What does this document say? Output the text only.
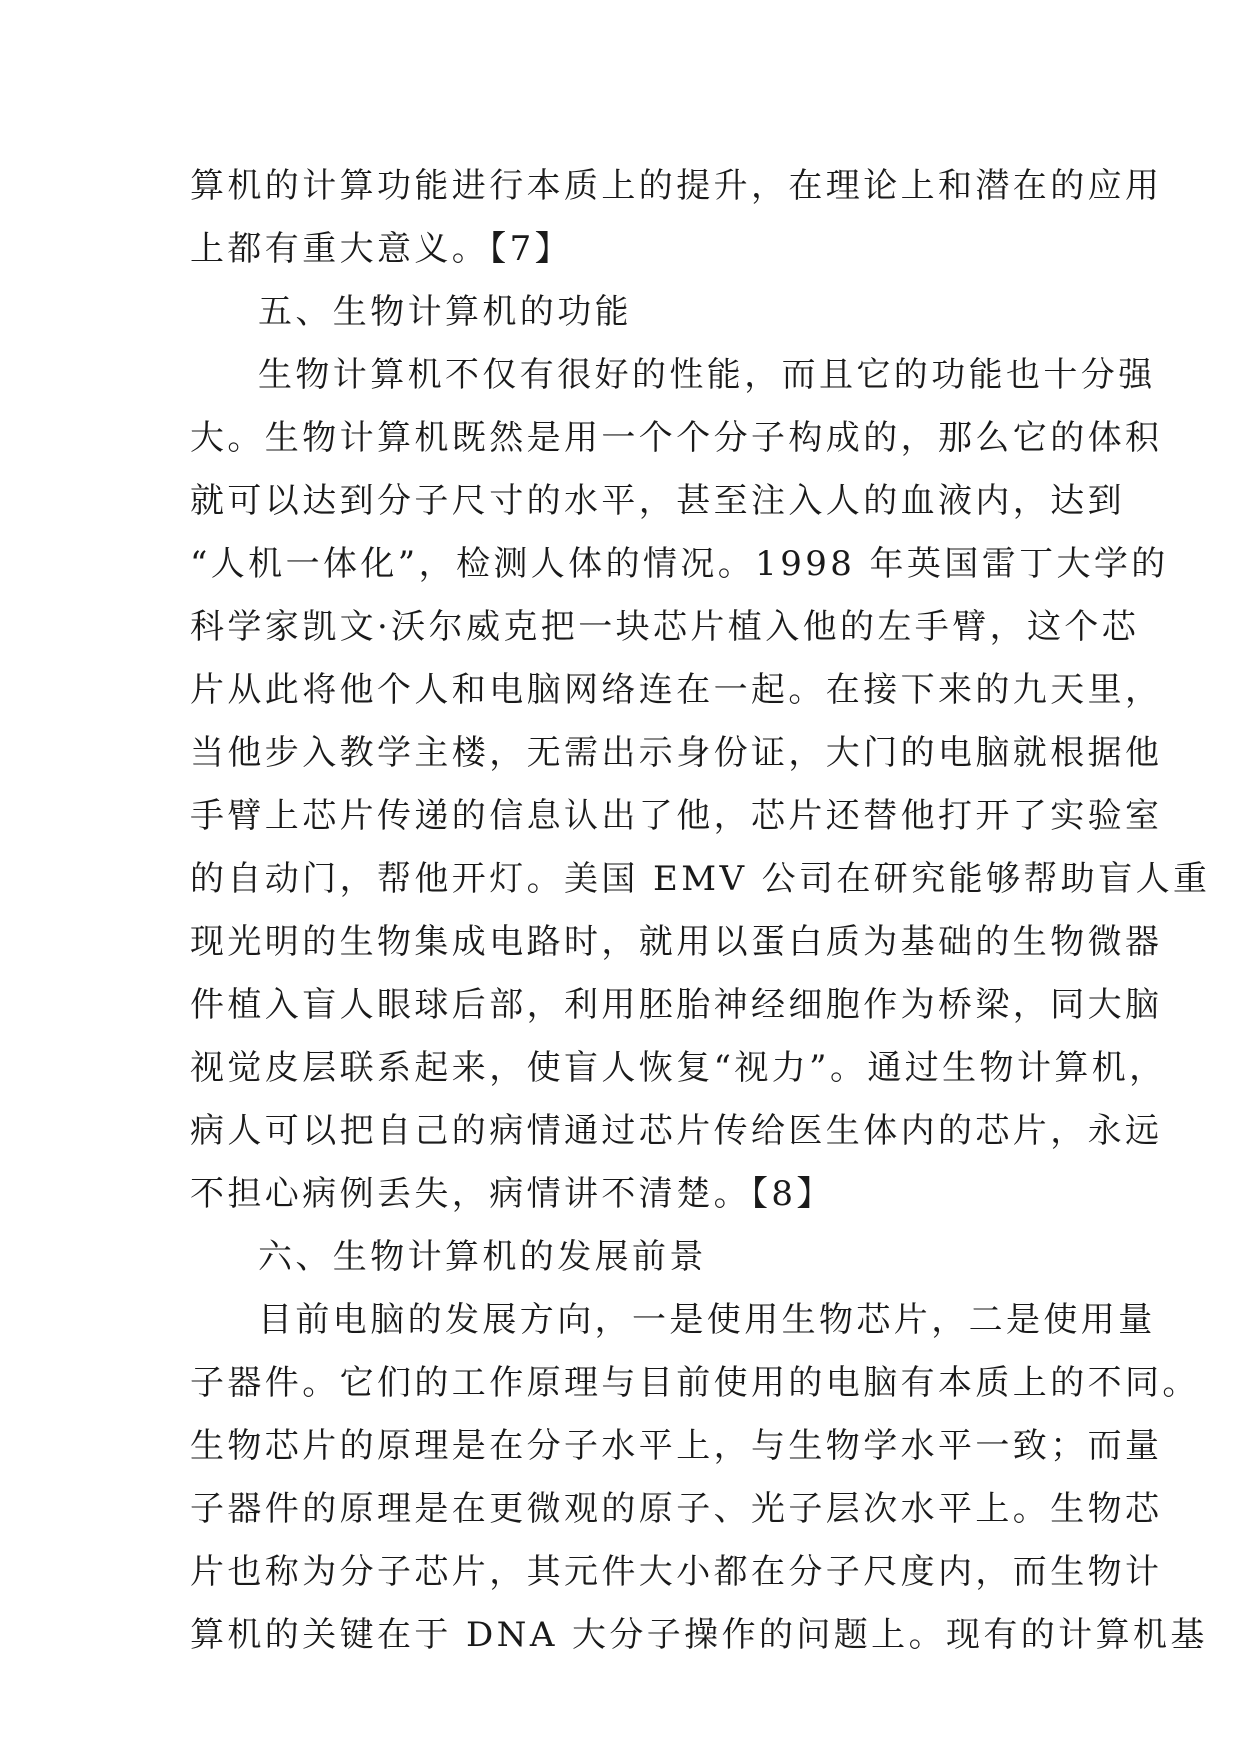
算机的计算功能进行本质上的提升，在理论上和潜在的应用
上都有重大意义。【7】
五、生物计算机的功能
生物计算机不仅有很好的性能，而且它的功能也十分强
大。生物计算机既然是用一个个分子构成的，那么它的体积
就可以达到分子尺寸的水平，甚至注入人的血液内，达到
“人机一体化”，检测人体的情况。1998 年英国雷丁大学的
科学家凯文·沃尔威克把一块芯片植入他的左手臂，这个芯
片从此将他个人和电脑网络连在一起。在接下来的九天里，
当他步入教学主楼，无需出示身份证，大门的电脑就根据他
手臂上芯片传递的信息认出了他，芯片还替他打开了实验室
的自动门，帮他开灯。美国 EMV 公司在研究能够帮助盲人重
现光明的生物集成电路时，就用以蛋白质为基础的生物微器
件植入盲人眼球后部，利用胚胎神经细胞作为桥梁，同大脑
视觉皮层联系起来，使盲人恢复“视力”。通过生物计算机，
病人可以把自己的病情通过芯片传给医生体内的芯片，永远
不担心病例丢失，病情讲不清楚。【8】
六、生物计算机的发展前景
目前电脑的发展方向，一是使用生物芯片，二是使用量
子器件。它们的工作原理与目前使用的电脑有本质上的不同。
生物芯片的原理是在分子水平上，与生物学水平一致；而量
子器件的原理是在更微观的原子、光子层次水平上。生物芯
片也称为分子芯片，其元件大小都在分子尺度内，而生物计
算机的关键在于 DNA 大分子操作的问题上。现有的计算机基
